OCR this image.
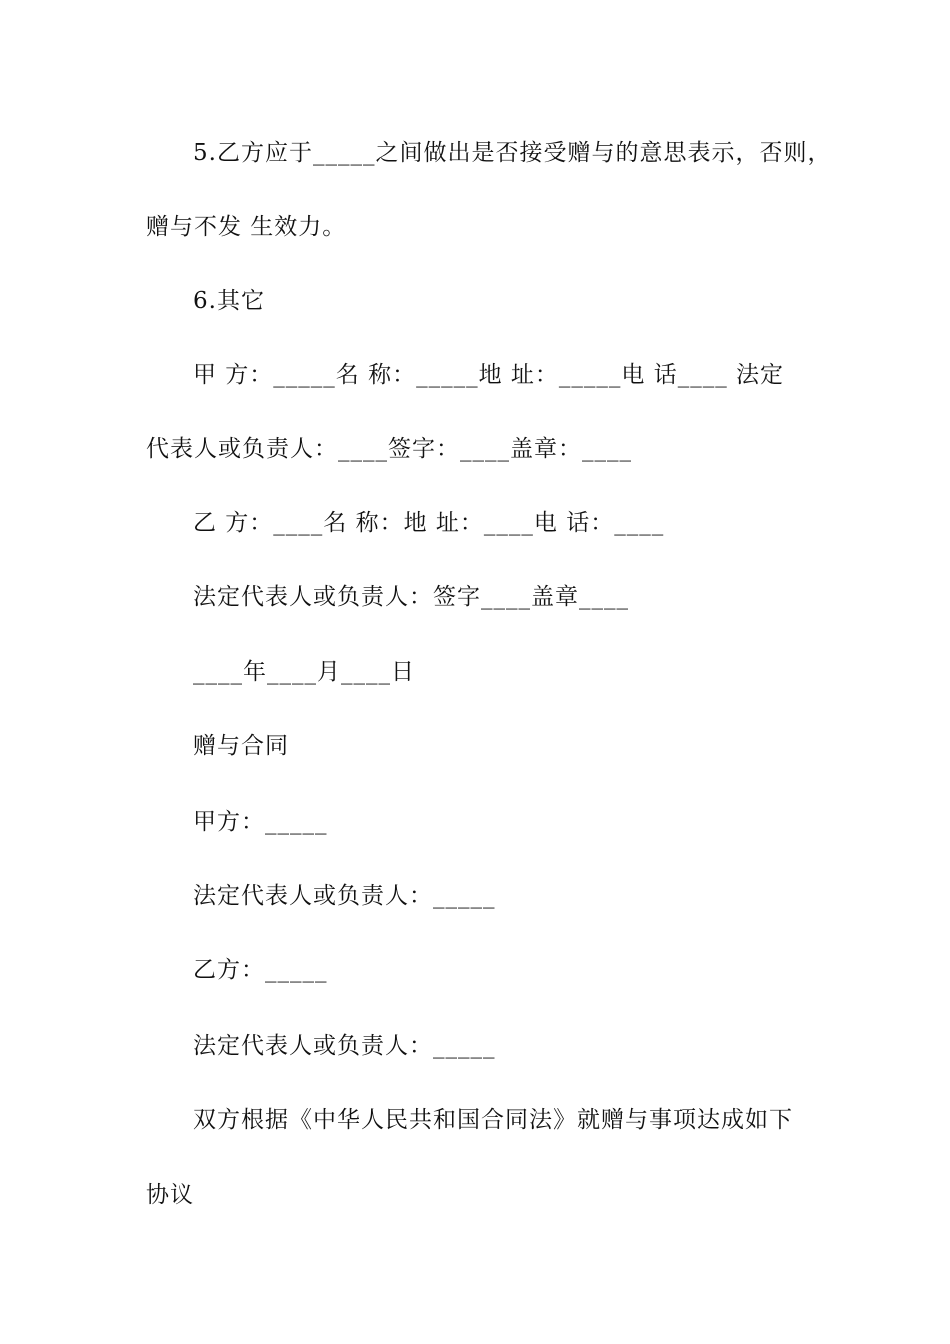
5.乙方应于_____之间做出是否接受赠与的意思表示，否则，
赠与不发 生效力。
6.其它
甲 方：_____名 称：_____地 址：_____电 话____ 法定
代表人或负责人：____签字：____盖章：____
乙 方：____名 称：地 址：____电 话：____
法定代表人或负责人：签字____盖章____
____年____月____日
赠与合同
甲方：_____
法定代表人或负责人：_____
乙方：_____
法定代表人或负责人：_____
双方根据《中华人民共和国合同法》就赠与事项达成如下
协议
